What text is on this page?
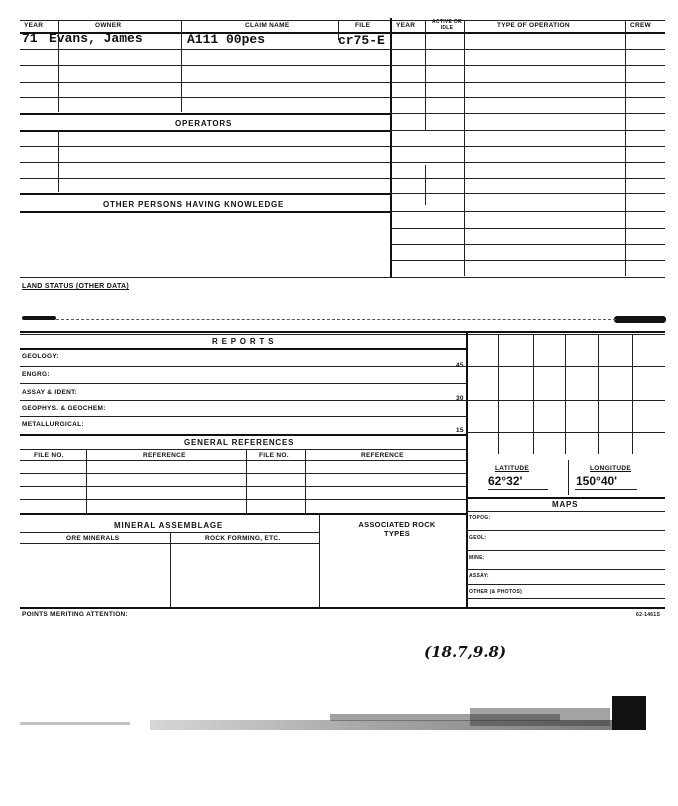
YEAR	OWNER	CLAIM NAME	FILE	YEAR	ACTIVE OR IDLE	TYPE OF OPERATION	CREW
71 Evans, James	A111 00pes	cr75-E
OPERATORS
OTHER PERSONS HAVING KNOWLEDGE
LAND STATUS (OTHER DATA)
R E P O R T S
GEOLOGY:
45
ENGRG:
ASSAY & IDENT:
30
GEOPHYS. & GEOCHEM:
METALLURGICAL:
15
GENERAL REFERENCES
FILE NO.	REFERENCE	FILE NO.	REFERENCE
MINERAL ASSEMBLAGE	ASSOCIATED ROCK TYPES
ORE MINERALS	ROCK FORMING, ETC.
LATITUDE	LONGITUDE
62°32'	150°40'
MAPS
TOPOG:
GEOL:
MINE:
ASSAY:
OTHER (& PHOTOS)
POINTS MERITING ATTENTION:	62-1461S
(18.7,9.8)
